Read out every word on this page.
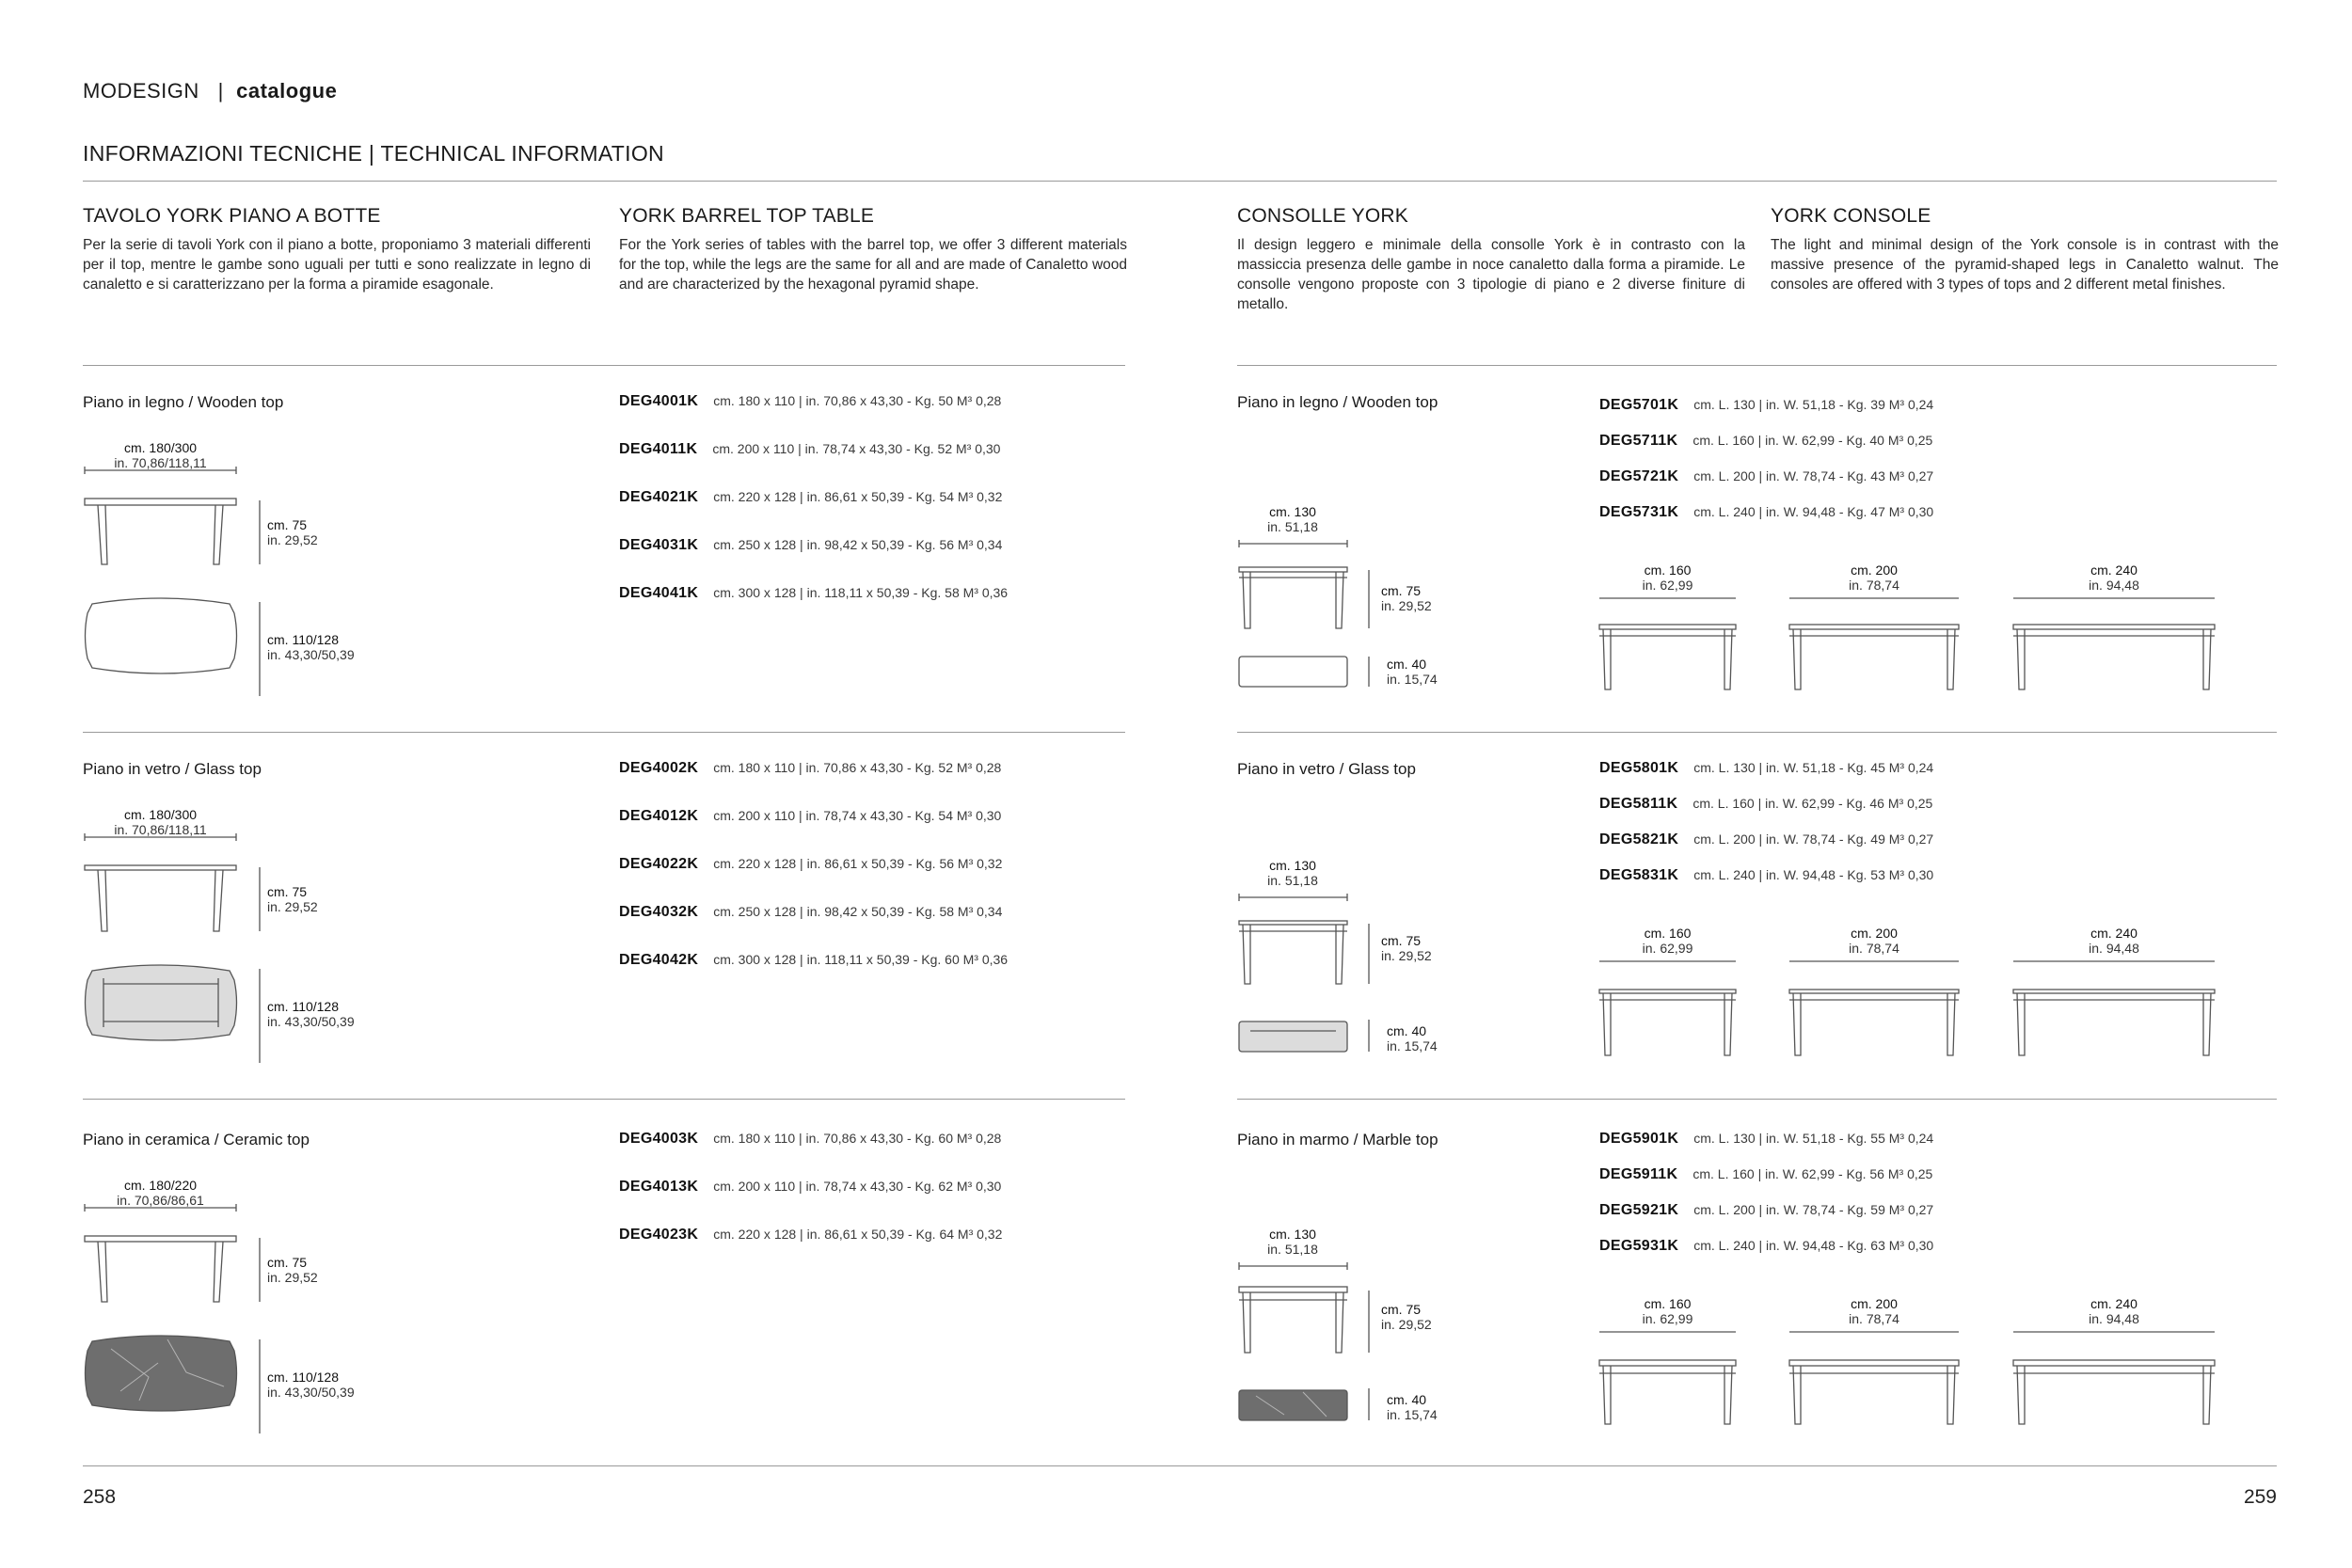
MODESIGN   |  catalogue
INFORMAZIONI TECNICHE | TECHNICAL INFORMATION
TAVOLO YORK PIANO A BOTTE
Per la serie di tavoli York con il piano a botte, proponiamo 3 materiali differenti per il top, mentre le gambe sono uguali per tutti e sono realizzate in legno di canaletto e si caratterizzano per la forma a piramide esagonale.
YORK BARREL TOP TABLE
For the York series of tables with the barrel top, we offer 3 different materials for the top, while the legs are the same for all and are made of Canaletto wood and are characterized by the hexagonal pyramid shape.
CONSOLLE YORK
Il design leggero e minimale della consolle York è in contrasto con la massiccia presenza delle gambe in noce canaletto dalla forma a piramide. Le consolle vengono proposte con 3 tipologie di piano e 2 diverse finiture di metallo.
YORK CONSOLE
The light and minimal design of the York console is in contrast with the massive presence of the pyramid-shaped legs in Canaletto walnut. The consoles are offered with 3 types of tops and 2 different metal finishes.
Piano in legno / Wooden top
cm. 180/300
in. 70,86/118,11
cm. 75
in. 29,52
cm. 110/128
in. 43,30/50,39
DEG4001K cm. 180 x 110 | in. 70,86 x 43,30 - Kg. 50 M³ 0,28
DEG4011K cm. 200 x 110 | in. 78,74 x 43,30 - Kg. 52 M³ 0,30
DEG4021K cm. 220 x 128 | in. 86,61 x 50,39 - Kg. 54 M³ 0,32
DEG4031K cm. 250 x 128 | in. 98,42 x 50,39 - Kg. 56 M³ 0,34
DEG4041K cm. 300 x 128 | in. 118,11 x 50,39 - Kg. 58 M³ 0,36
Piano in vetro / Glass top
cm. 180/300
in. 70,86/118,11
cm. 75
in. 29,52
cm. 110/128
in. 43,30/50,39
DEG4002K cm. 180 x 110 | in. 70,86 x 43,30 - Kg. 52 M³ 0,28
DEG4012K cm. 200 x 110 | in. 78,74 x 43,30 - Kg. 54 M³ 0,30
DEG4022K cm. 220 x 128 | in. 86,61 x 50,39 - Kg. 56 M³ 0,32
DEG4032K cm. 250 x 128 | in. 98,42 x 50,39 - Kg. 58 M³ 0,34
DEG4042K cm. 300 x 128 | in. 118,11 x 50,39 - Kg. 60 M³ 0,36
Piano in ceramica / Ceramic top
cm. 180/220
in. 70,86/86,61
cm. 75
in. 29,52
cm. 110/128
in. 43,30/50,39
DEG4003K cm. 180 x 110 | in. 70,86 x 43,30 - Kg. 60 M³ 0,28
DEG4013K cm. 200 x 110 | in. 78,74 x 43,30 - Kg. 62 M³ 0,30
DEG4023K cm. 220 x 128 | in. 86,61 x 50,39 - Kg. 64 M³ 0,32
Piano in legno / Wooden top
cm. 130
in. 51,18
cm. 75
in. 29,52
cm. 40
in. 15,74
DEG5701K cm. L. 130 | in. W. 51,18 - Kg. 39 M³ 0,24
DEG5711K cm. L. 160 | in. W. 62,99 - Kg. 40 M³ 0,25
DEG5721K cm. L. 200 | in. W. 78,74 - Kg. 43 M³ 0,27
DEG5731K cm. L. 240 | in. W. 94,48 - Kg. 47 M³ 0,30
cm. 160
in. 62,99
cm. 200
in. 78,74
cm. 240
in. 94,48
Piano in vetro / Glass top
cm. 130
in. 51,18
cm. 75
in. 29,52
cm. 40
in. 15,74
DEG5801K cm. L. 130 | in. W. 51,18 - Kg. 45 M³ 0,24
DEG5811K cm. L. 160 | in. W. 62,99 - Kg. 46 M³ 0,25
DEG5821K cm. L. 200 | in. W. 78,74 - Kg. 49 M³ 0,27
DEG5831K cm. L. 240 | in. W. 94,48 - Kg. 53 M³ 0,30
cm. 160
in. 62,99
cm. 200
in. 78,74
cm. 240
in. 94,48
Piano in marmo / Marble top
cm. 130
in. 51,18
cm. 75
in. 29,52
cm. 40
in. 15,74
DEG5901K cm. L. 130 | in. W. 51,18 - Kg. 55 M³ 0,24
DEG5911K cm. L. 160 | in. W. 62,99 - Kg. 56 M³ 0,25
DEG5921K cm. L. 200 | in. W. 78,74 - Kg. 59 M³ 0,27
DEG5931K cm. L. 240 | in. W. 94,48 - Kg. 63 M³ 0,30
cm. 160
in. 62,99
cm. 200
in. 78,74
cm. 240
in. 94,48
258	259
